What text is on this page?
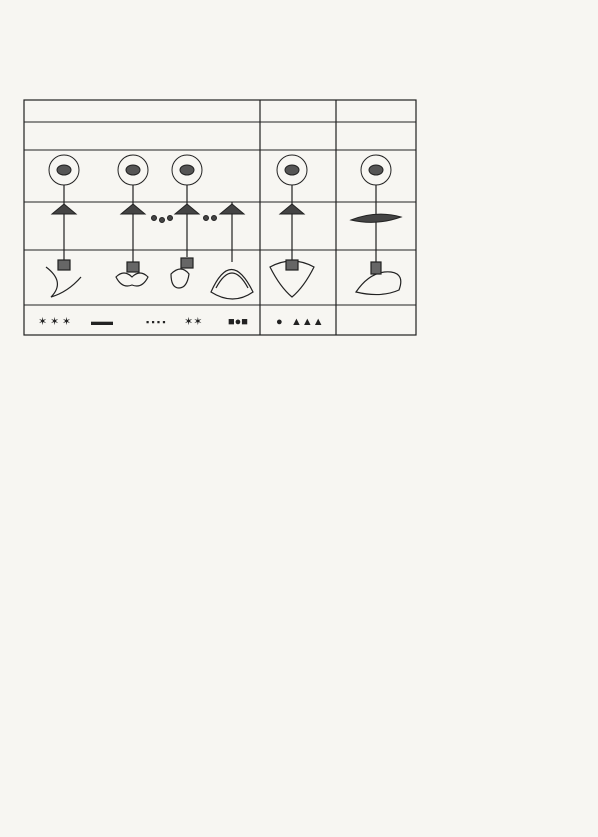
✶ ✶ ✶ ▬▬	▪ ▪ ▪ ▪ ✶✶ ■●■	● ▲▲▲
